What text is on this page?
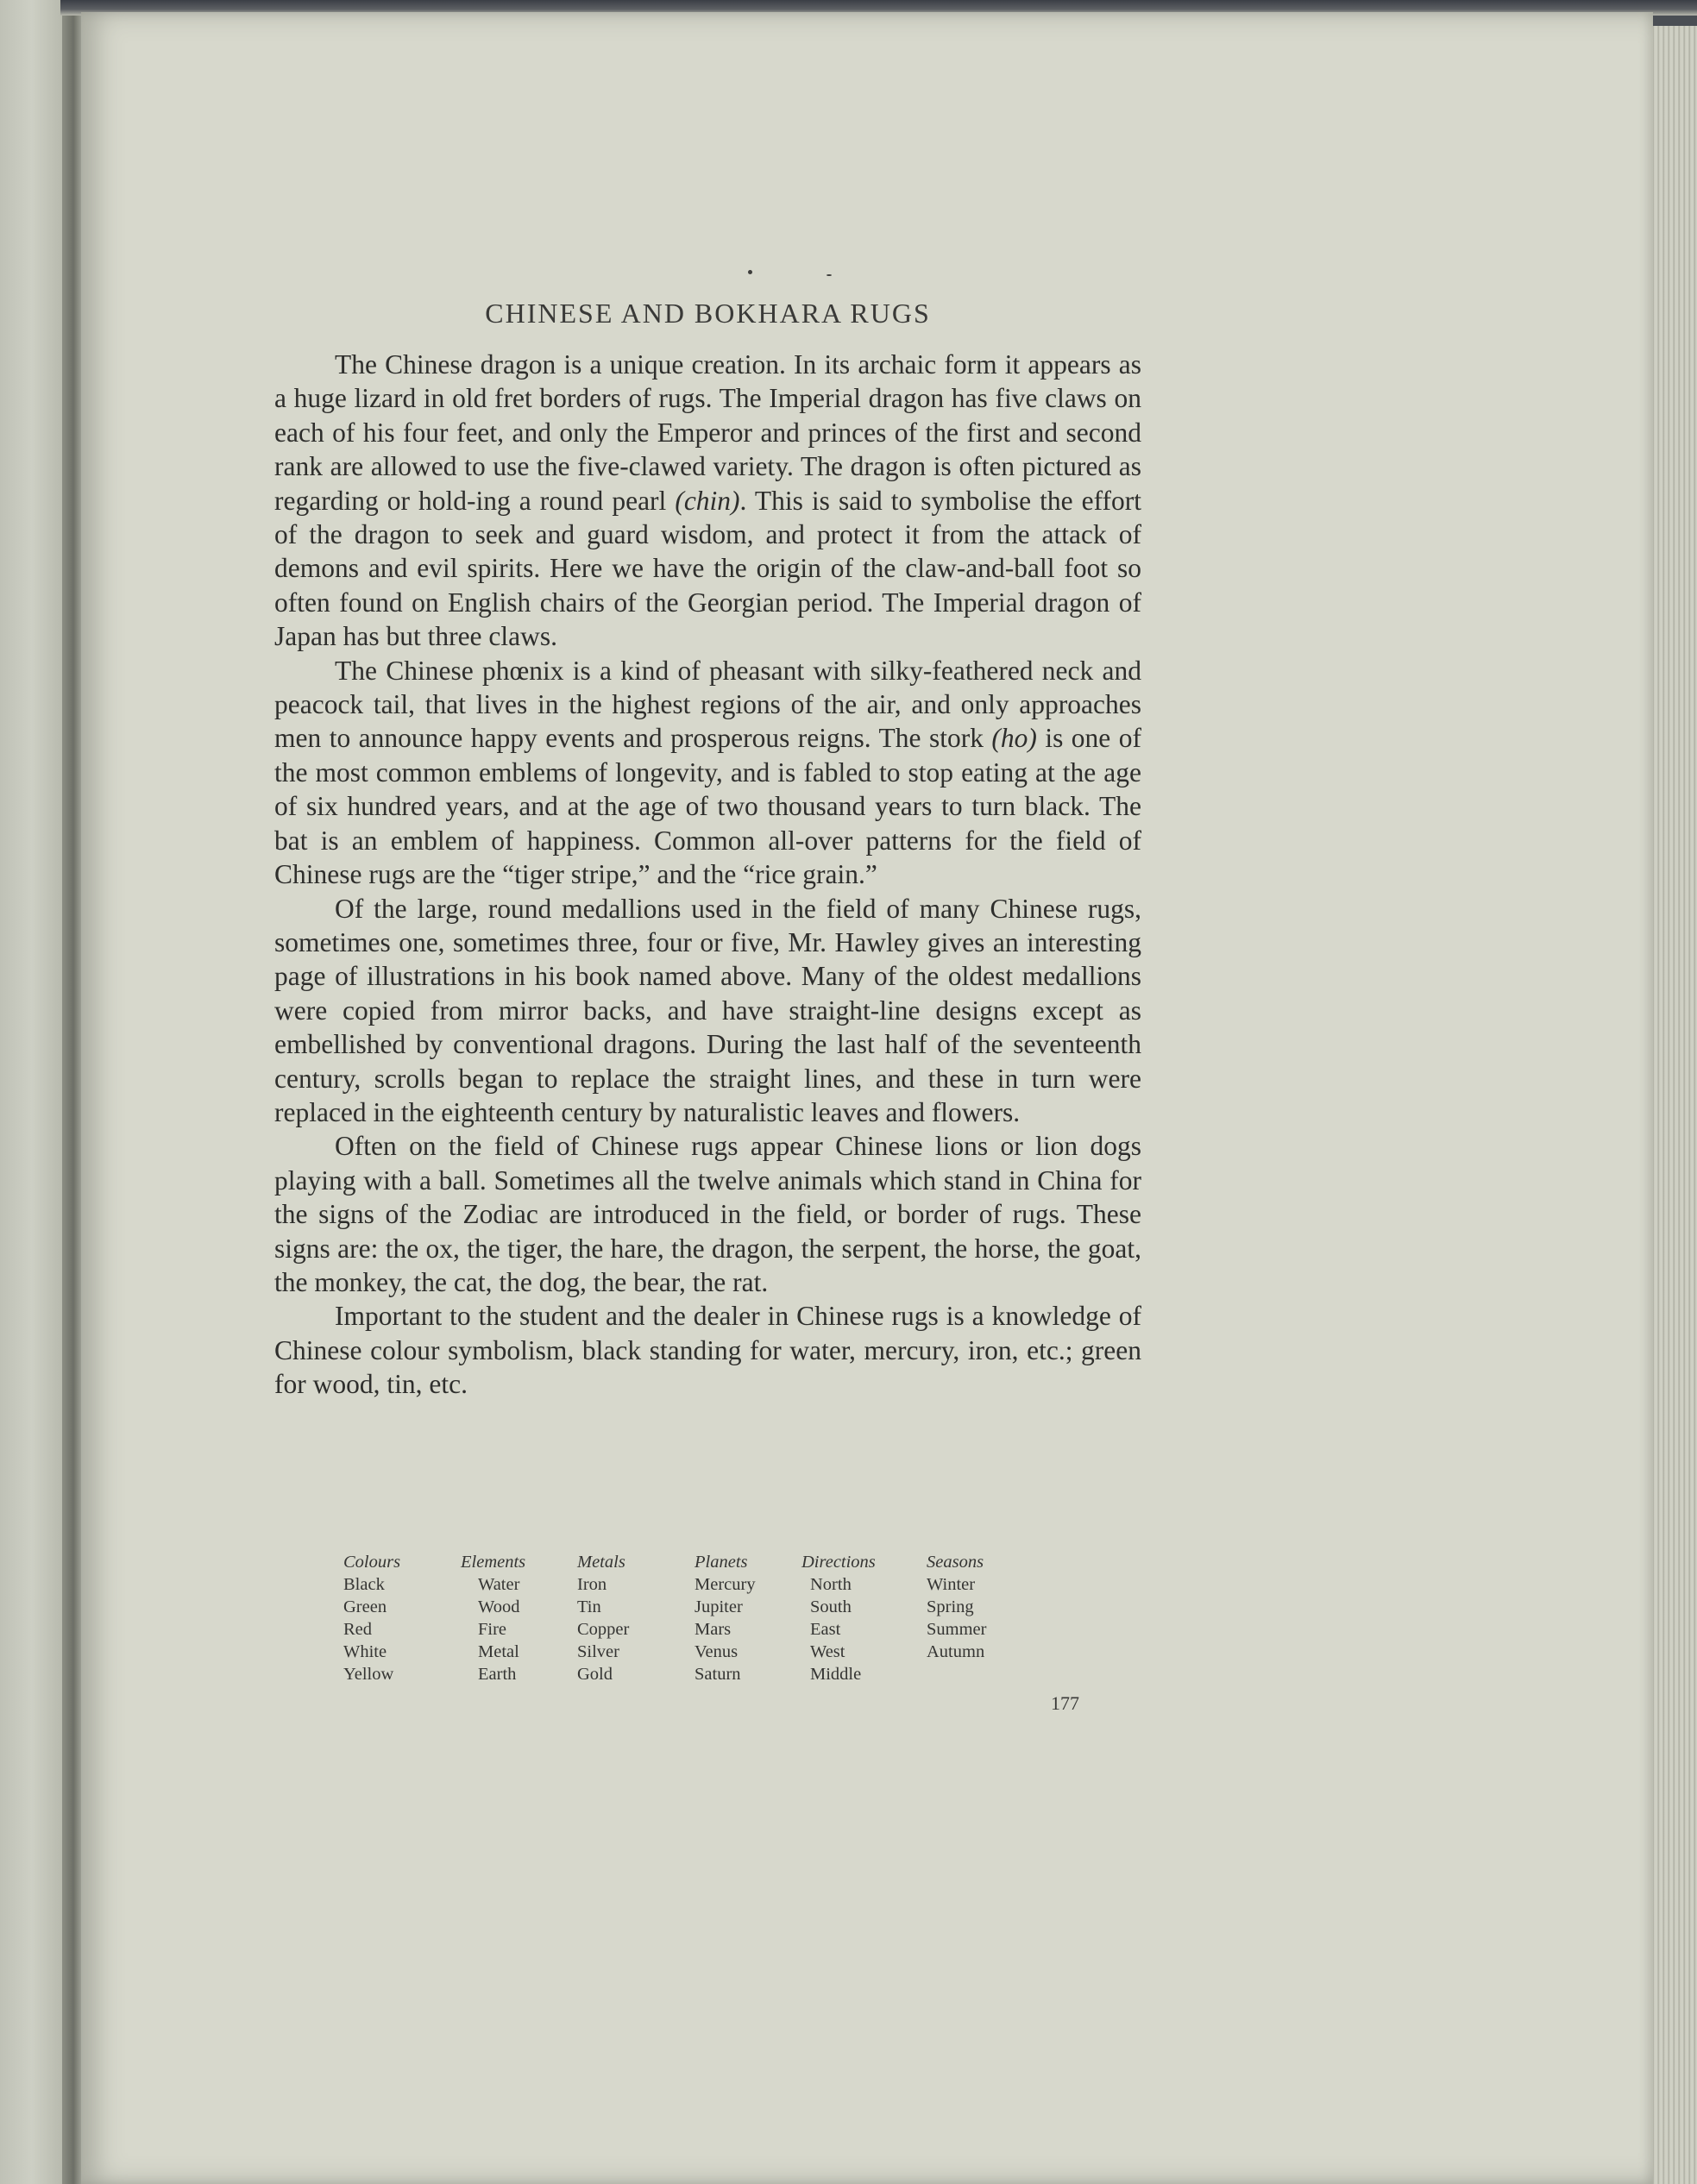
CHINESE AND BOKHARA RUGS

The Chinese dragon is a unique creation. In its archaic form it appears as a huge lizard in old fret borders of rugs. The Imperial dragon has five claws on each of his four feet, and only the Emperor and princes of the first and second rank are allowed to use the five-clawed variety. The dragon is often pictured as regarding or hold-ing a round pearl (chin). This is said to symbolise the effort of the dragon to seek and guard wisdom, and protect it from the attack of demons and evil spirits. Here we have the origin of the claw-and-ball foot so often found on English chairs of the Georgian period. The Imperial dragon of Japan has but three claws.

The Chinese phœnix is a kind of pheasant with silky-feathered neck and peacock tail, that lives in the highest regions of the air, and only approaches men to announce happy events and prosperous reigns. The stork (ho) is one of the most common emblems of longevity, and is fabled to stop eating at the age of six hundred years, and at the age of two thousand years to turn black. The bat is an emblem of happiness. Common all-over patterns for the field of Chinese rugs are the “tiger stripe,” and the “rice grain.”

Of the large, round medallions used in the field of many Chinese rugs, sometimes one, sometimes three, four or five, Mr. Hawley gives an interesting page of illustrations in his book named above. Many of the oldest medallions were copied from mirror backs, and have straight-line designs except as embellished by conventional dragons. During the last half of the seventeenth century, scrolls began to replace the straight lines, and these in turn were replaced in the eighteenth century by naturalistic leaves and flowers.

Often on the field of Chinese rugs appear Chinese lions or lion dogs playing with a ball. Sometimes all the twelve animals which stand in China for the signs of the Zodiac are introduced in the field, or border of rugs. These signs are: the ox, the tiger, the hare, the dragon, the serpent, the horse, the goat, the monkey, the cat, the dog, the bear, the rat.

Important to the student and the dealer in Chinese rugs is a knowledge of Chinese colour symbolism, black standing for water, mercury, iron, etc.; green for wood, tin, etc.

Colours	Elements	Metals	Planets	Directions	Seasons
Black	Water	Iron	Mercury	North	Winter
Green	Wood	Tin	Jupiter	South	Spring
Red	Fire	Copper	Mars	East	Summer
White	Metal	Silver	Venus	West	Autumn
Yellow	Earth	Gold	Saturn	Middle	
177
